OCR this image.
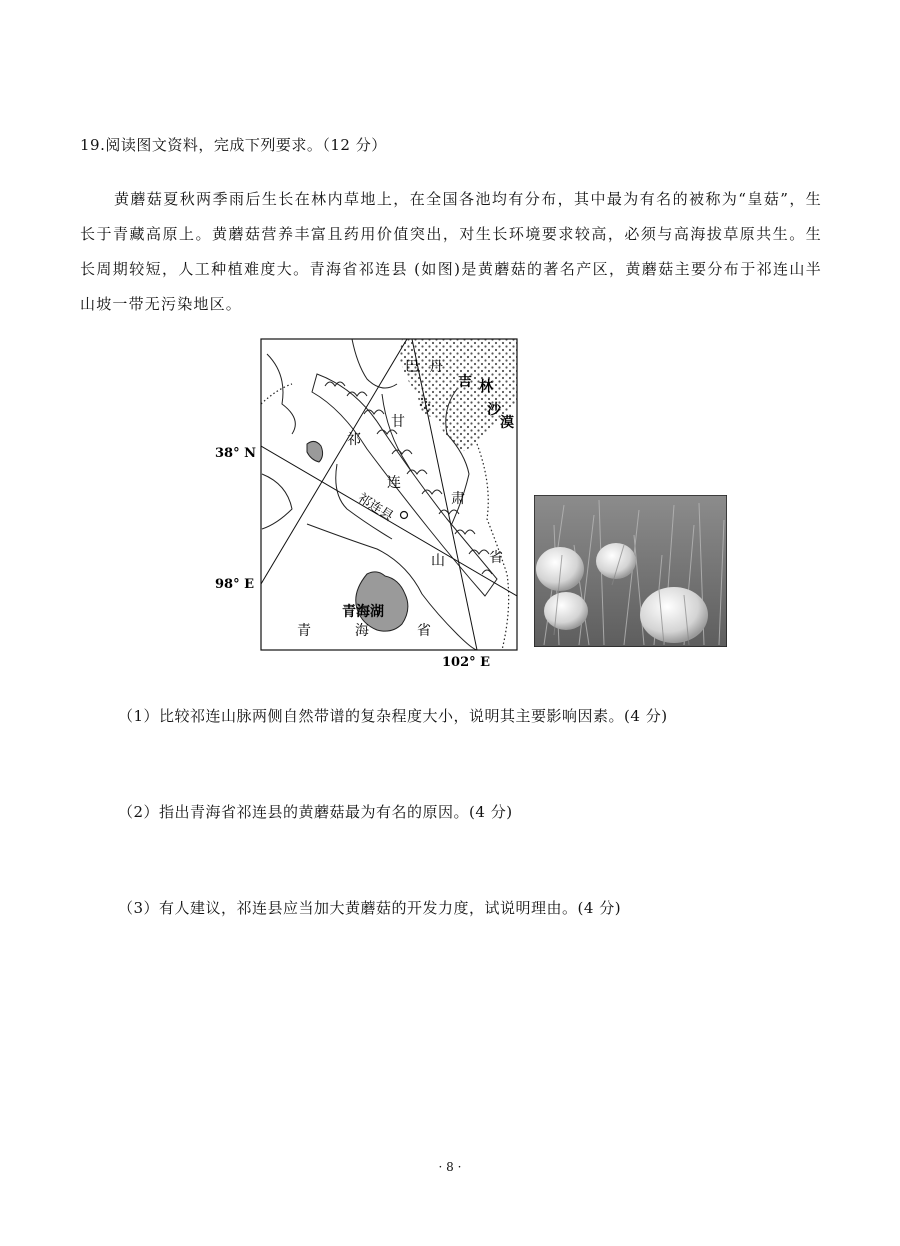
19.阅读图文资料，完成下列要求。（12 分）
黄蘑菇夏秋两季雨后生长在林内草地上，在全国各池均有分布，其中最为有名的被称为“皇菇”，生长于青藏高原上。黄蘑菇营养丰富且药用价值突出，对生长环境要求较高，必须与高海拔草原共生。生长周期较短，人工种植难度大。青海省祁连县 (如图)是黄蘑菇的著名产区，黄蘑菇主要分布于祁连山半山坡一带无污染地区。
38° N
98° E
102° E
巴 丹
吉 林
沙
漠
祁
连
山
甘
肃
省
祁连县
青海湖
青	海	省
（1）比较祁连山脉两侧自然带谱的复杂程度大小，说明其主要影响因素。(4 分)
（2）指出青海省祁连县的黄蘑菇最为有名的原因。(4 分)
（3）有人建议，祁连县应当加大黄蘑菇的开发力度，试说明理由。(4 分)
· 8 ·
